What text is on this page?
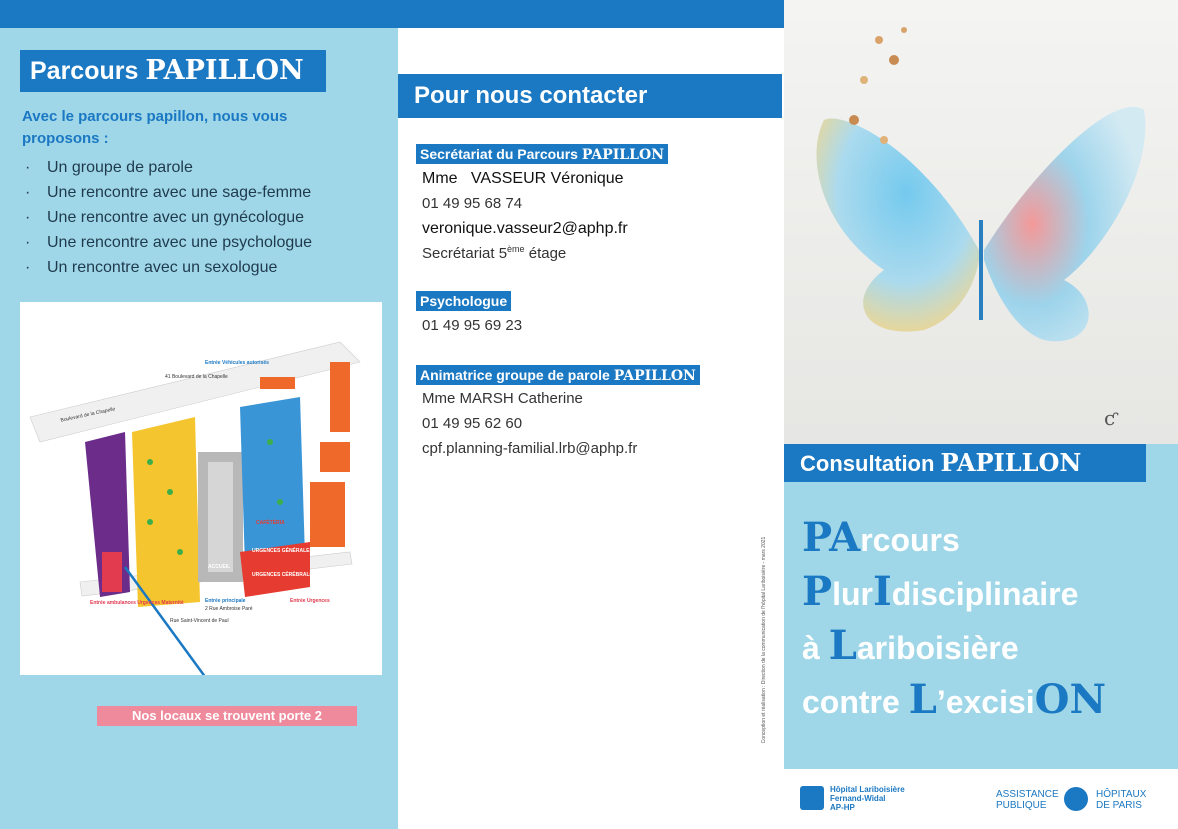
Parcours PAPILLON
Avec le parcours papillon, nous vous proposons :
· Un groupe de parole
· Une rencontre avec une sage-femme
· Une rencontre avec un gynécologue
· Une rencontre avec une psychologue
· Un rencontre avec un sexologue
Boulevard de la Chapelle
Entrée Véhicules autorisés
41 Boulevard de la Chapelle
Entrée ambulances Urgences Maternité	Entrée principale
2 Rue Ambroise Paré
Entrée Urgences
Rue Saint-Vincent de Paul
ACCUEIL
URGENCES GÉNÉRALES
URGENCES CÉRÉBRALES
CAFÉTÉRIA
Nos locaux se trouvent porte 2
Pour nous contacter
Secrétariat du Parcours PAPILLON
Mme VASSEUR Véronique
01 49 95 68 74
veronique.vasseur2@aphp.fr
Secrétariat 5ème étage
Psychologue
01 49 95 69 23
Animatrice groupe de parole PAPILLON
Mme MARSH Catherine
01 49 95 62 60
cpf.planning-familial.lrb@aphp.fr
Conception et réalisation : Direction de la communication de l'hôpital Lariboisière - mars 2021
ƈ
Consultation PAPILLON
PArcours
PlurIdisciplinaire
à Lariboisière
contre L’excisiON
Hôpital Lariboisière
Fernand-Widal
AP-HP
ASSISTANCE
PUBLIQUE
HÔPITAUX
DE PARIS
